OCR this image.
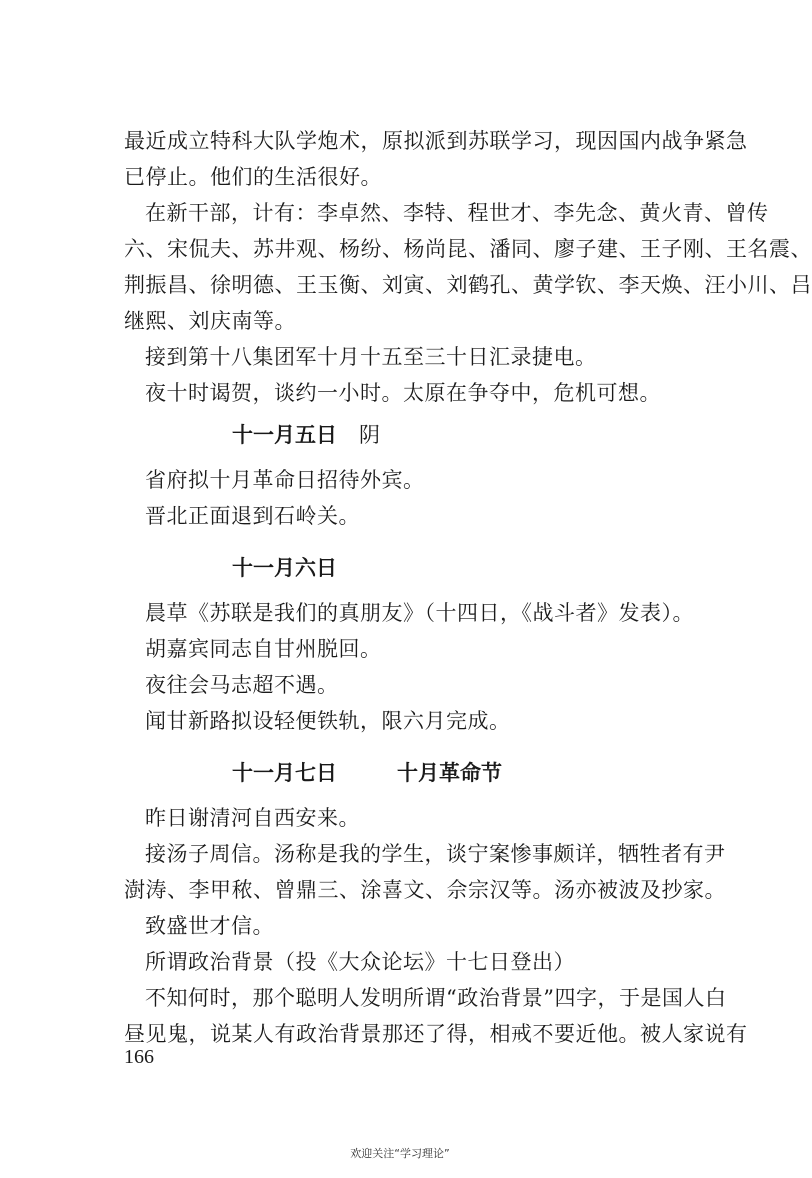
最近成立特科大队学炮术，原拟派到苏联学习，现因国内战争紧急
已停止。他们的生活很好。
在新干部，计有：李卓然、李特、程世才、李先念、黄火青、曾传
六、宋侃夫、苏井观、杨纷、杨尚昆、潘同、廖子建、王子刚、王名震、
荆振昌、徐明德、王玉衡、刘寅、刘鹤孔、黄学钦、李天焕、汪小川、吕
继熙、刘庆南等。
接到第十八集团军十月十五至三十日汇录捷电。
夜十时谒贺，谈约一小时。太原在争夺中，危机可想。
十一月五日 阴
省府拟十月革命日招待外宾。
晋北正面退到石岭关。
十一月六日
晨草《苏联是我们的真朋友》（十四日，《战斗者》发表）。
胡嘉宾同志自甘州脱回。
夜往会马志超不遇。
闻甘新路拟设轻便铁轨，限六月完成。
十一月七日	十月革命节
昨日谢清河自西安来。
接汤子周信。汤称是我的学生，谈宁案惨事颇详，牺牲者有尹
澍涛、李甲秾、曾鼎三、涂喜文、佘宗汉等。汤亦被波及抄家。
致盛世才信。
所谓政治背景（投《大众论坛》十七日登出）
不知何时，那个聪明人发明所谓“政治背景”四字，于是国人白
昼见鬼，说某人有政治背景那还了得，相戒不要近他。被人家说有
166
欢迎关注“学习理论”
